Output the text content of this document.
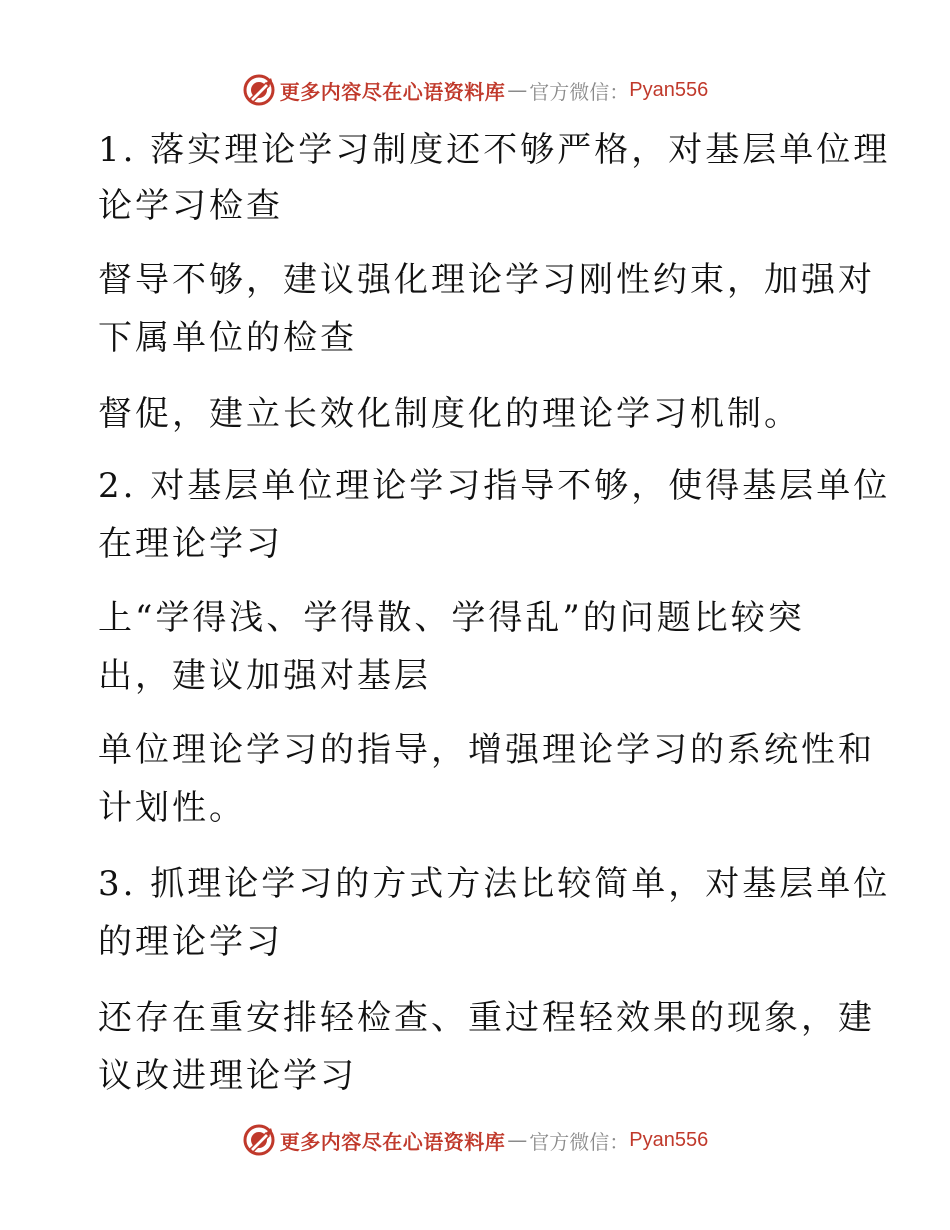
更多内容尽在心语资料库 — 官方微信： Pyan556
1. 落实理论学习制度还不够严格，对基层单位理
论学习检查
督导不够，建议强化理论学习刚性约束，加强对
下属单位的检查
督促，建立长效化制度化的理论学习机制。
2. 对基层单位理论学习指导不够，使得基层单位
在理论学习
上“学得浅、学得散、学得乱”的问题比较突
出，建议加强对基层
单位理论学习的指导，增强理论学习的系统性和
计划性。
3. 抓理论学习的方式方法比较简单，对基层单位
的理论学习
还存在重安排轻检查、重过程轻效果的现象，建
议改进理论学习
更多内容尽在心语资料库 — 官方微信： Pyan556
